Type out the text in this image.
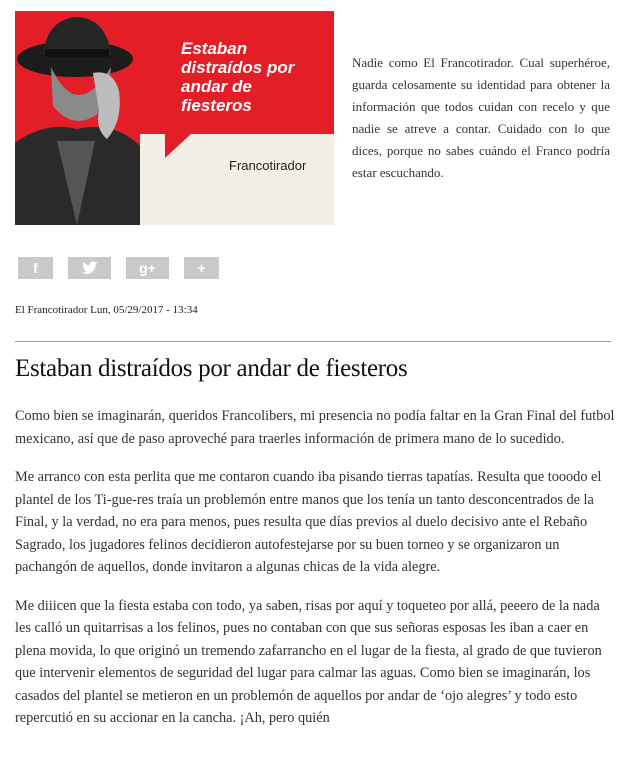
Estaban distraídos por andar de fiesteros
Francotirador
Nadie como El Francotirador. Cual superhéroe, guarda celosamente su identidad para obtener la información que todos cuidan con recelo y que nadie se atreve a contar. Cuidado con lo que dices, porque no sabes cuándo el Franco podría estar escuchando.
f	g+	+
El Francotirador Lun, 05/29/2017 - 13:34
Estaban distraídos por andar de fiesteros

Como bien se imaginarán, queridos Francolibers, mi presencia no podía faltar en la Gran Final del futbol mexicano, así que de paso aproveché para traerles información de primera mano de lo sucedido.

Me arranco con esta perlita que me contaron cuando iba pisando tierras tapatías. Resulta que tooodo el plantel de los Ti-gue-res traía un problemón entre manos que los tenía un tanto desconcentrados de la Final, y la verdad, no era para menos, pues resulta que días previos al duelo decisivo ante el Rebaño Sagrado, los jugadores felinos decidieron autofestejarse por su buen torneo y se organizaron un pachangón de aquellos, donde invitaron a algunas chicas de la vida alegre.

Me diiicen que la fiesta estaba con todo, ya saben, risas por aquí y toqueteo por allá, peeero de la nada les calló un quitarrisas a los felinos, pues no contaban con que sus señoras esposas les iban a caer en plena movida, lo que originó un tremendo zafarrancho en el lugar de la fiesta, al grado de que tuvieron que intervenir elementos de seguridad del lugar para calmar las aguas. Como bien se imaginarán, los casados del plantel se metieron en un problemón de aquellos por andar de ‘ojo alegres’ y todo esto repercutió en su accionar en la cancha. ¡Ah, pero quién
